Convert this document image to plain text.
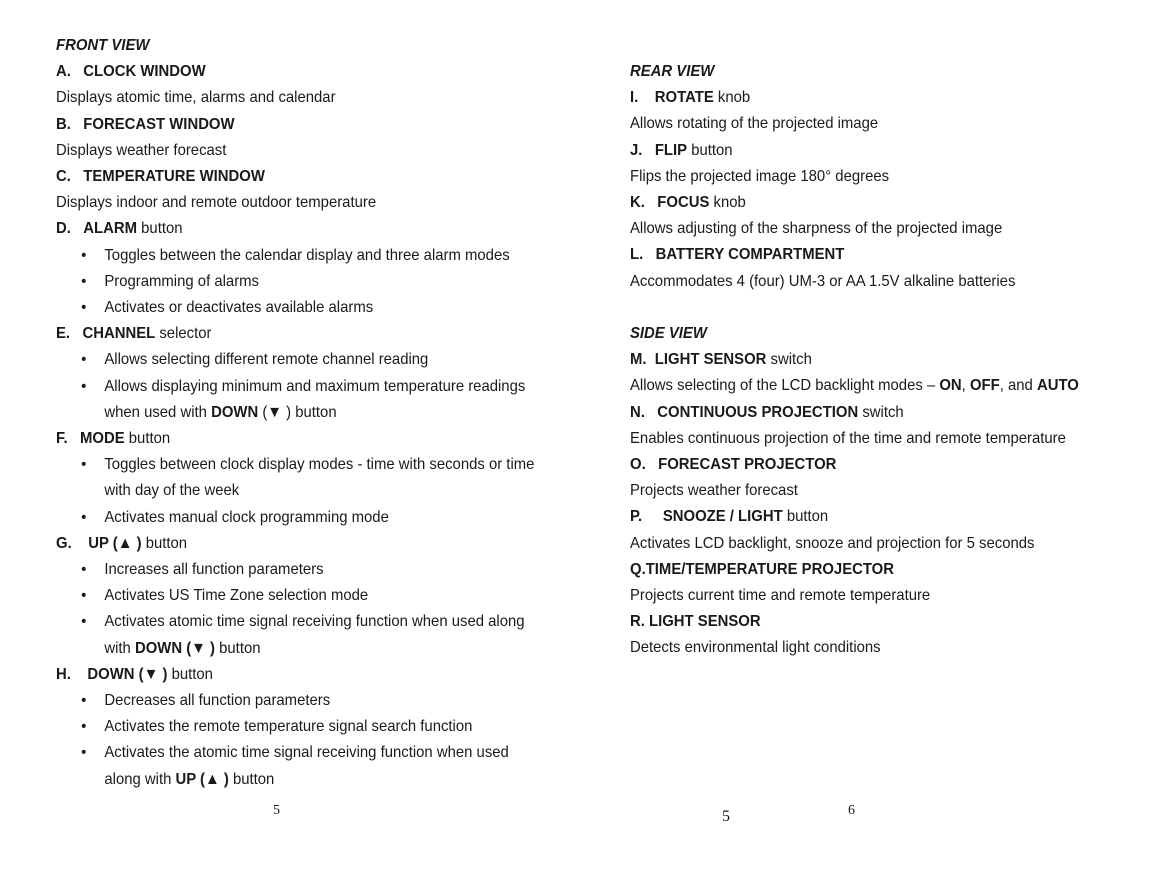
FRONT VIEW
A. CLOCK WINDOW
Displays atomic time, alarms and calendar
B. FORECAST WINDOW
Displays weather forecast
C. TEMPERATURE WINDOW
Displays indoor and remote outdoor temperature
D. ALARM button
• Toggles between the calendar display and three alarm modes
• Programming of alarms
• Activates or deactivates available alarms
E. CHANNEL selector
• Allows selecting different remote channel reading
• Allows displaying minimum and maximum temperature readings
when used with DOWN (▼ ) button
F. MODE button
• Toggles between clock display modes - time with seconds or time
with day of the week
• Activates manual clock programming mode
G. UP (▲ ) button
• Increases all function parameters
• Activates US Time Zone selection mode
• Activates atomic time signal receiving function when used along
with DOWN (▼ ) button
H. DOWN (▼ ) button
• Decreases all function parameters
• Activates the remote temperature signal search function
• Activates the atomic time signal receiving function when used
along with UP (▲ ) button
REAR VIEW
I. ROTATE knob
Allows rotating of the projected image
J. FLIP button
Flips the projected image 180° degrees
K. FOCUS knob
Allows adjusting of the sharpness of the projected image
L. BATTERY COMPARTMENT
Accommodates 4 (four) UM-3 or AA 1.5V alkaline batteries
SIDE VIEW
M. LIGHT SENSOR switch
Allows selecting of the LCD backlight modes – ON, OFF, and AUTO
N. CONTINUOUS PROJECTION switch
Enables continuous projection of the time and remote temperature
O. FORECAST PROJECTOR
Projects weather forecast
P. SNOOZE / LIGHT button
Activates LCD backlight, snooze and projection for 5 seconds
Q.TIME/TEMPERATURE PROJECTOR
Projects current time and remote temperature
R. LIGHT SENSOR
Detects environmental light conditions
5	5	6
